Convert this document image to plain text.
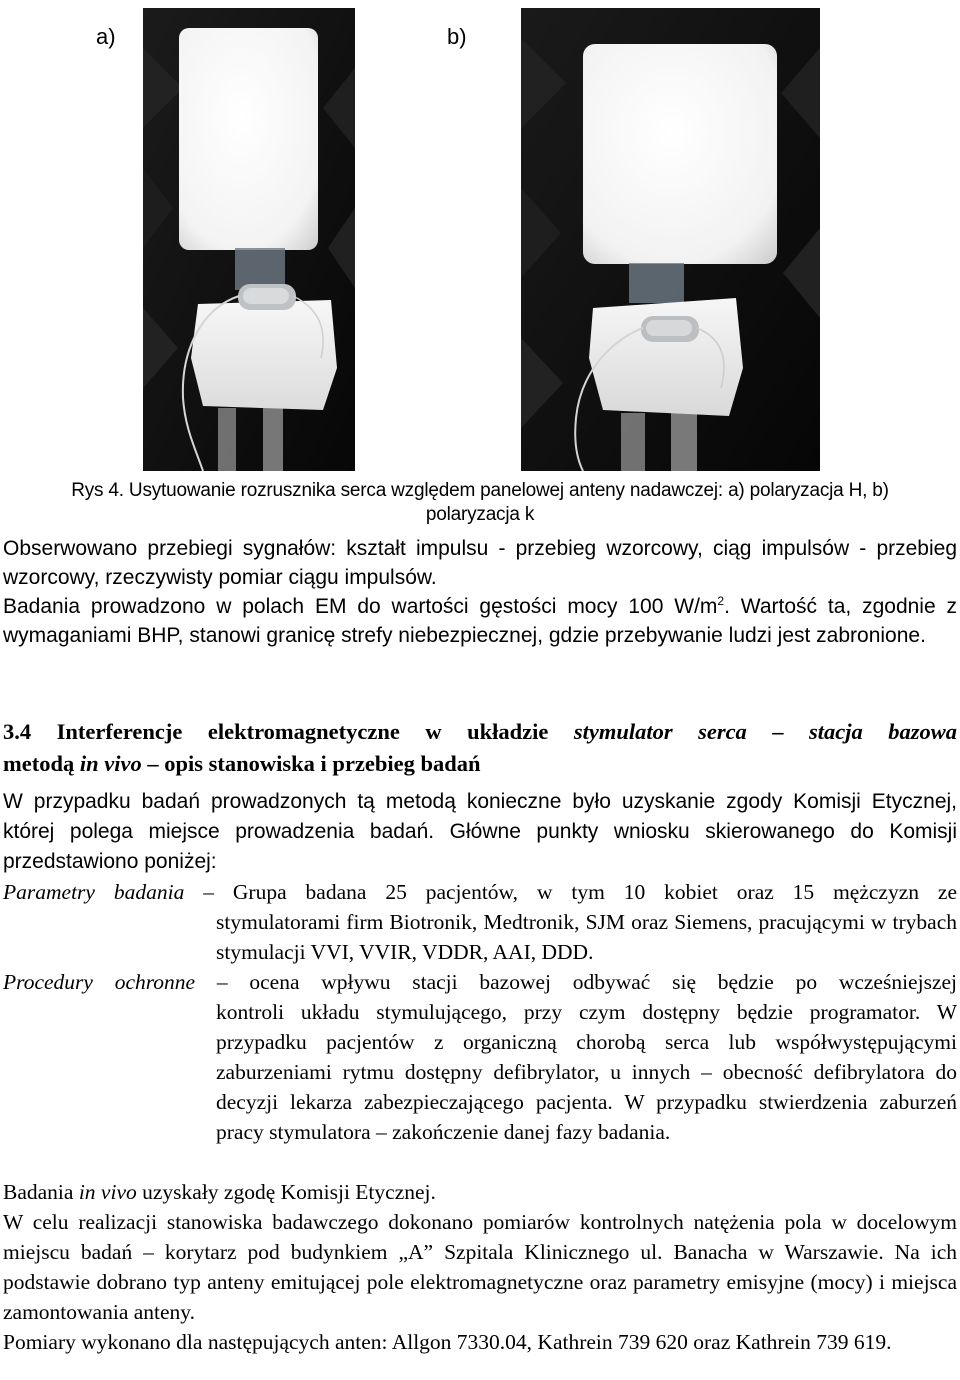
a)	b)
Rys 4. Usytuowanie rozrusznika serca względem panelowej anteny nadawczej: a) polaryzacja H, b)
polaryzacja k
Obserwowano przebiegi sygnałów: kształt impulsu - przebieg wzorcowy, ciąg impulsów - przebieg wzorcowy, rzeczywisty pomiar ciągu impulsów.
Badania prowadzono w polach EM do wartości gęstości mocy 100 $W/m^2$. Wartość ta, zgodnie z wymaganiami BHP, stanowi granicę strefy niebezpiecznej, gdzie przebywanie ludzi jest zabronione.
3.4 Interferencje elektromagnetyczne w układzie stymulator serca – stacja bazowa
metodą in vivo – opis stanowiska i przebieg badań
W przypadku badań prowadzonych tą metodą konieczne było uzyskanie zgody Komisji Etycznej, której polega miejsce prowadzenia badań. Główne punkty wniosku skierowanego do Komisji przedstawiono poniżej:
Parametry badania – Grupa badana 25 pacjentów, w tym 10 kobiet oraz 15 mężczyzn ze
stymulatorami firm Biotronik, Medtronik, SJM oraz Siemens, pracującymi w trybach stymulacji VVI, VVIR, VDDR, AAI, DDD.
Procedury ochronne – ocena wpływu stacji bazowej odbywać się będzie po wcześniejszej
kontroli układu stymulującego, przy czym dostępny będzie programator. W przypadku pacjentów z organiczną chorobą serca lub współwystępującymi zaburzeniami rytmu dostępny defibrylator, u innych – obecność defibrylatora do decyzji lekarza zabezpieczającego pacjenta. W przypadku stwierdzenia zaburzeń pracy stymulatora – zakończenie danej fazy badania.
Badania in vivo uzyskały zgodę Komisji Etycznej.
W celu realizacji stanowiska badawczego dokonano pomiarów kontrolnych natężenia pola w docelowym miejscu badań – korytarz pod budynkiem „A” Szpitala Klinicznego ul. Banacha w Warszawie. Na ich podstawie dobrano typ anteny emitującej pole elektromagnetyczne oraz parametry emisyjne (mocy) i miejsca zamontowania anteny.
Pomiary wykonano dla następujących anten: Allgon 7330.04, Kathrein 739 620 oraz Kathrein 739 619.
